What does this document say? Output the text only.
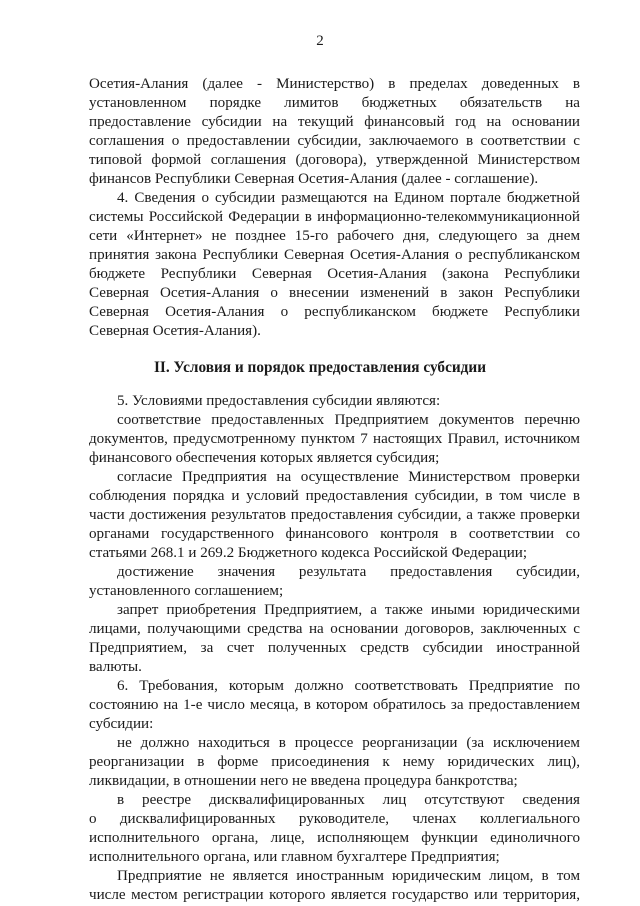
2

Осетия-Алания (далее - Министерство) в пределах доведенных в

установленном порядке лимитов бюджетных обязательств на

предоставление субсидии на текущий финансовый год на основании

соглашения о предоставлении субсидии, заключаемого в соответствии с

типовой формой соглашения (договора), утвержденной Министерством

финансов Республики Северная Осетия-Алания (далее - соглашение).

4. Сведения о субсидии размещаются на Едином портале бюджетной

системы Российской Федерации в информационно-телекоммуникационной

сети «Интернет» не позднее 15-го рабочего дня, следующего за днем

принятия закона Республики Северная Осетия-Алания о республиканском

бюджете Республики Северная Осетия-Алания (закона Республики

Северная Осетия-Алания о внесении изменений в закон Республики

Северная Осетия-Алания о республиканском бюджете Республики

Северная Осетия-Алания).

II. Условия и порядок предоставления субсидии

5. Условиями предоставления субсидии являются:

соответствие предоставленных Предприятием документов перечню

документов, предусмотренному пунктом 7 настоящих Правил, источником

финансового обеспечения которых является субсидия;

согласие Предприятия на осуществление Министерством проверки

соблюдения порядка и условий предоставления субсидии, в том числе в

части достижения результатов предоставления субсидии, а также проверки

органами государственного финансового контроля в соответствии со

статьями 268.1 и 269.2 Бюджетного кодекса Российской Федерации;

достижение значения результата предоставления субсидии,

установленного соглашением;

запрет приобретения Предприятием, а также иными юридическими

лицами, получающими средства на основании договоров, заключенных с

Предприятием, за счет полученных средств субсидии иностранной

валюты.

6. Требования, которым должно соответствовать Предприятие по

состоянию на 1-е число месяца, в котором обратилось за предоставлением

субсидии:

не должно находиться в процессе реорганизации (за исключением

реорганизации в форме присоединения к нему юридических лиц),

ликвидации, в отношении него не введена процедура банкротства;

в реестре дисквалифицированных лиц отсутствуют сведения

о дисквалифицированных руководителе, членах коллегиального

исполнительного органа, лице, исполняющем функции единоличного

исполнительного органа, или главном бухгалтере Предприятия;

Предприятие не является иностранным юридическим лицом, в том

числе местом регистрации которого является государство или территория,
